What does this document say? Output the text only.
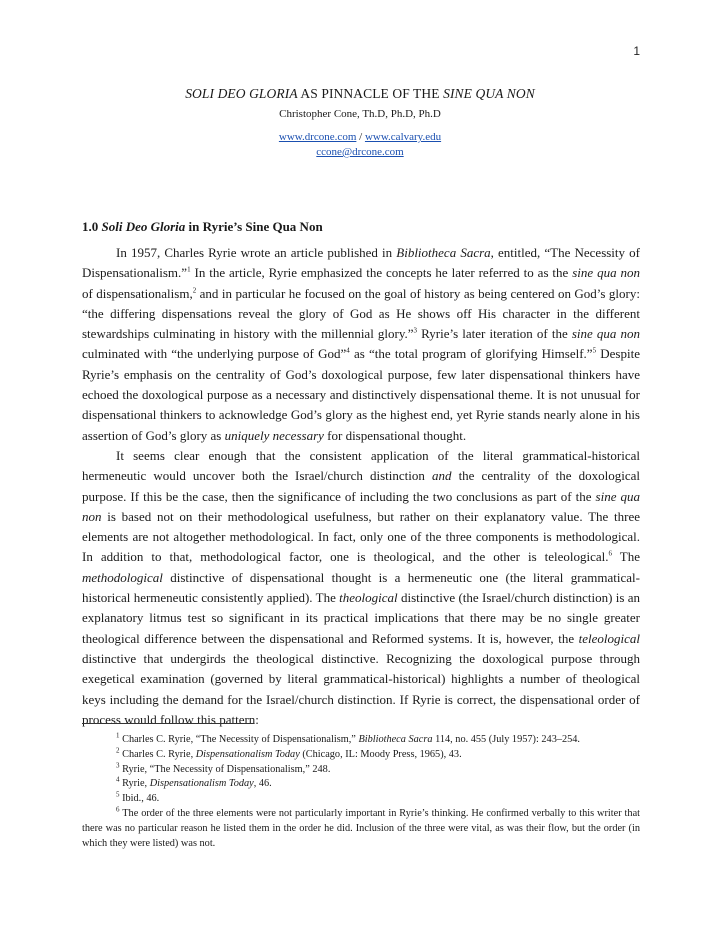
1
SOLI DEO GLORIA AS PINNACLE OF THE SINE QUA NON
Christopher Cone, Th.D, Ph.D, Ph.D
www.drcone.com / www.calvary.edu
ccone@drcone.com
1.0 Soli Deo Gloria in Ryrie’s Sine Qua Non

In 1957, Charles Ryrie wrote an article published in Bibliotheca Sacra, entitled, “The Necessity of Dispensationalism.”$^1$ In the article, Ryrie emphasized the concepts he later referred to as the sine qua non of dispensationalism,$^2$ and in particular he focused on the goal of history as being centered on God’s glory: “the differing dispensations reveal the glory of God as He shows off His character in the different stewardships culminating in history with the millennial glory.”$^3$ Ryrie’s later iteration of the sine qua non culminated with “the underlying purpose of God”$^4$ as “the total program of glorifying Himself.”$^5$ Despite Ryrie’s emphasis on the centrality of God’s doxological purpose, few later dispensational thinkers have echoed the doxological purpose as a necessary and distinctively dispensational theme. It is not unusual for dispensational thinkers to acknowledge God’s glory as the highest end, yet Ryrie stands nearly alone in his assertion of God’s glory as uniquely necessary for dispensational thought.

It seems clear enough that the consistent application of the literal grammatical-historical hermeneutic would uncover both the Israel/church distinction and the centrality of the doxological purpose. If this be the case, then the significance of including the two conclusions as part of the sine qua non is based not on their methodological usefulness, but rather on their explanatory value. The three elements are not altogether methodological. In fact, only one of the three components is methodological. In addition to that, methodological factor, one is theological, and the other is teleological.$^6$ The methodological distinctive of dispensational thought is a hermeneutic one (the literal grammatical-historical hermeneutic consistently applied). The theological distinctive (the Israel/church distinction) is an explanatory litmus test so significant in its practical implications that there may be no single greater theological difference between the dispensational and Reformed systems. It is, however, the teleological distinctive that undergirds the theological distinctive. Recognizing the doxological purpose through exegetical examination (governed by literal grammatical-historical) highlights a number of theological keys including the demand for the Israel/church distinction. If Ryrie is correct, the dispensational order of process would follow this pattern:

$^1$ Charles C. Ryrie, “The Necessity of Dispensationalism,” Bibliotheca Sacra 114, no. 455 (July 1957): 243–254.

$^2$ Charles C. Ryrie, Dispensationalism Today (Chicago, IL: Moody Press, 1965), 43.

$^3$ Ryrie, “The Necessity of Dispensationalism,” 248.

$^4$ Ryrie, Dispensationalism Today, 46.

$^5$ Ibid., 46.

$^6$ The order of the three elements were not particularly important in Ryrie’s thinking. He confirmed verbally to this writer that there was no particular reason he listed them in the order he did. Inclusion of the three were vital, as was their flow, but the order (in which they were listed) was not.
